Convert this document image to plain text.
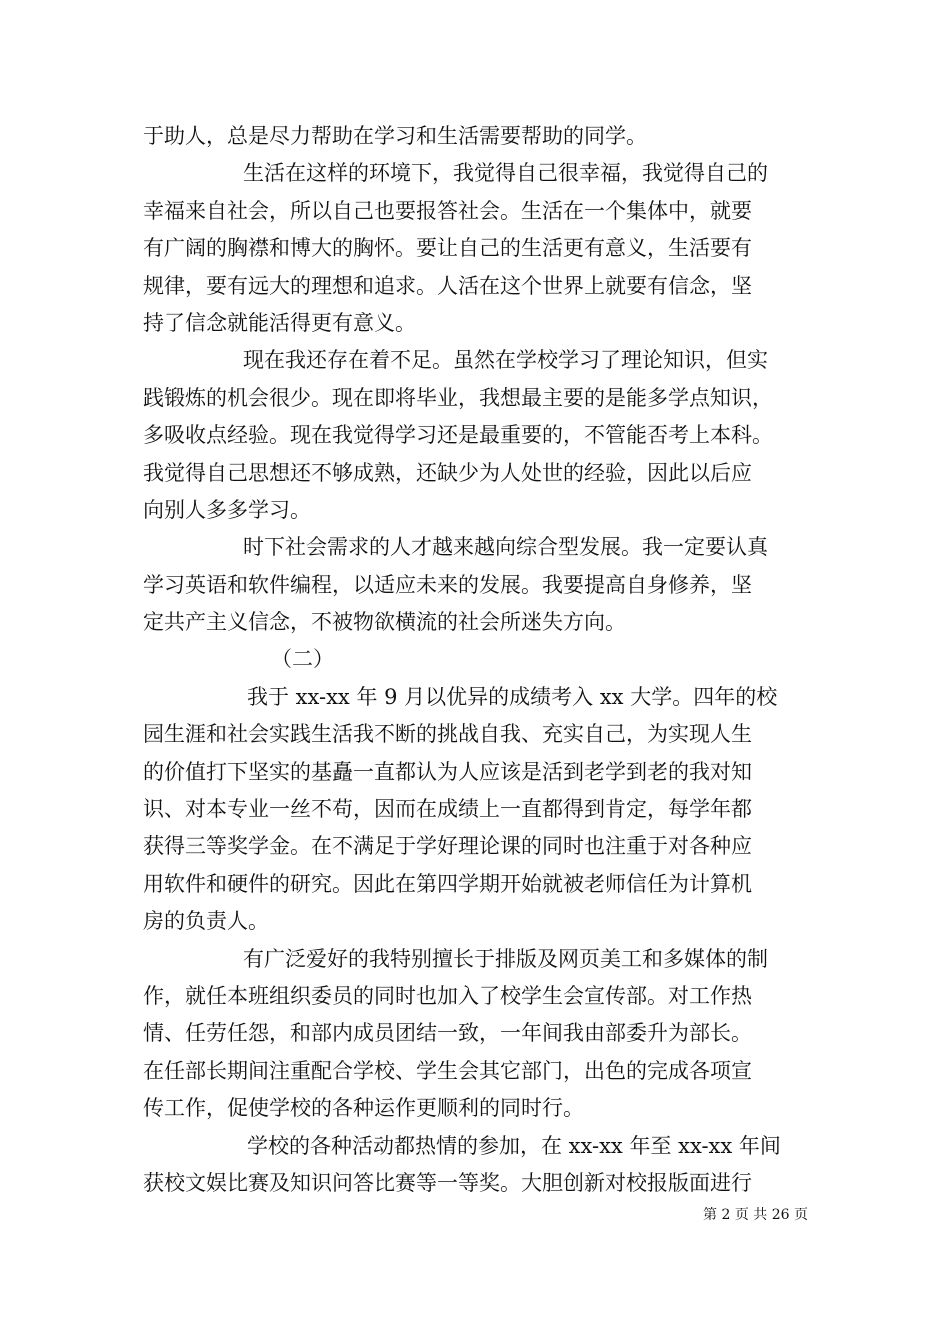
于助人，总是尽力帮助在学习和生活需要帮助的同学。
生活在这样的环境下，我觉得自己很幸福，我觉得自己的
幸福来自社会，所以自己也要报答社会。生活在一个集体中，就要
有广阔的胸襟和博大的胸怀。要让自己的生活更有意义，生活要有
规律，要有远大的理想和追求。人活在这个世界上就要有信念，坚
持了信念就能活得更有意义。
现在我还存在着不足。虽然在学校学习了理论知识，但实
践锻炼的机会很少。现在即将毕业，我想最主要的是能多学点知识，
多吸收点经验。现在我觉得学习还是最重要的，不管能否考上本科。
我觉得自己思想还不够成熟，还缺少为人处世的经验，因此以后应
向别人多多学习。
时下社会需求的人才越来越向综合型发展。我一定要认真
学习英语和软件编程，以适应未来的发展。我要提高自身修养，坚
定共产主义信念，不被物欲横流的社会所迷失方向。
（二）
我于 xx-xx 年 9 月以优异的成绩考入 xx 大学。四年的校
园生涯和社会实践生活我不断的挑战自我、充实自己，为实现人生
的价值打下坚实的基矗一直都认为人应该是活到老学到老的我对知
识、对本专业一丝不苟，因而在成绩上一直都得到肯定，每学年都
获得三等奖学金。在不满足于学好理论课的同时也注重于对各种应
用软件和硬件的研究。因此在第四学期开始就被老师信任为计算机
房的负责人。
有广泛爱好的我特别擅长于排版及网页美工和多媒体的制
作，就任本班组织委员的同时也加入了校学生会宣传部。对工作热
情、任劳任怨，和部内成员团结一致，一年间我由部委升为部长。
在任部长期间注重配合学校、学生会其它部门，出色的完成各项宣
传工作，促使学校的各种运作更顺利的同时行。
学校的各种活动都热情的参加，在 xx-xx 年至 xx-xx 年间
获校文娱比赛及知识问答比赛等一等奖。大胆创新对校报版面进行
第 2 页 共 26 页
